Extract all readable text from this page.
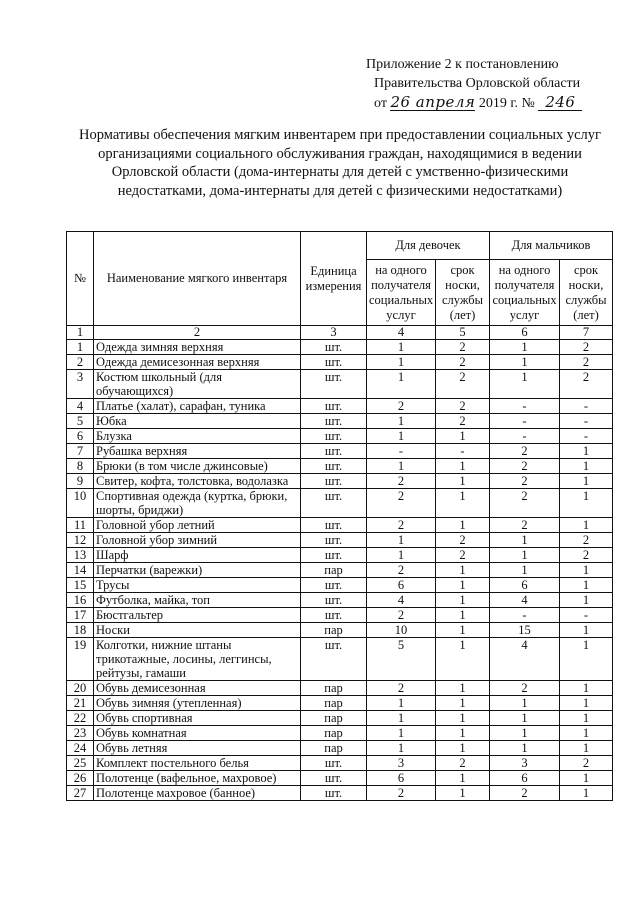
Приложение 2 к постановлению
Правительства Орловской области
от 26 апреля 2019 г. № 246
Нормативы обеспечения мягким инвентарем при предоставлении социальных услуг организациями социального обслуживания граждан, находящимися в ведении Орловской области (дома-интернаты для детей с умственно-физическими недостатками, дома-интернаты для детей с физическими недостатками)
№	Наименование мягкого инвентаря	Единица измерения	Для девочек		Для мальчиков	
			на одного получателя социальных услуг	срок носки, службы (лет)	на одного получателя социальных услуг	срок носки, службы (лет)
1	2	3	4	5	6	7
1	Одежда зимняя верхняя	шт.	1	2	1	2
2	Одежда демисезонная верхняя	шт.	1	2	1	2
3	Костюм школьный (для обучающихся)	шт.	1	2	1	2
4	Платье (халат), сарафан, туника	шт.	2	2	-	-
5	Юбка	шт.	1	2	-	-
6	Блузка	шт.	1	1	-	-
7	Рубашка верхняя	шт.	-	-	2	1
8	Брюки (в том числе джинсовые)	шт.	1	1	2	1
9	Свитер, кофта, толстовка, водолазка	шт.	2	1	2	1
10	Спортивная одежда (куртка, брюки, шорты, бриджи)	шт.	2	1	2	1
11	Головной убор летний	шт.	2	1	2	1
12	Головной убор зимний	шт.	1	2	1	2
13	Шарф	шт.	1	2	1	2
14	Перчатки (варежки)	пар	2	1	1	1
15	Трусы	шт.	6	1	6	1
16	Футболка, майка, топ	шт.	4	1	4	1
17	Бюстгальтер	шт.	2	1	-	-
18	Носки	пар	10	1	15	1
19	Колготки, нижние штаны трикотажные, лосины, леггинсы, рейтузы, гамаши	шт.	5	1	4	1
20	Обувь демисезонная	пар	2	1	2	1
21	Обувь зимняя (утепленная)	пар	1	1	1	1
22	Обувь спортивная	пар	1	1	1	1
23	Обувь комнатная	пар	1	1	1	1
24	Обувь летняя	пар	1	1	1	1
25	Комплект постельного белья	шт.	3	2	3	2
26	Полотенце (вафельное, махровое)	шт.	6	1	6	1
27	Полотенце махровое (банное)	шт.	2	1	2	1
